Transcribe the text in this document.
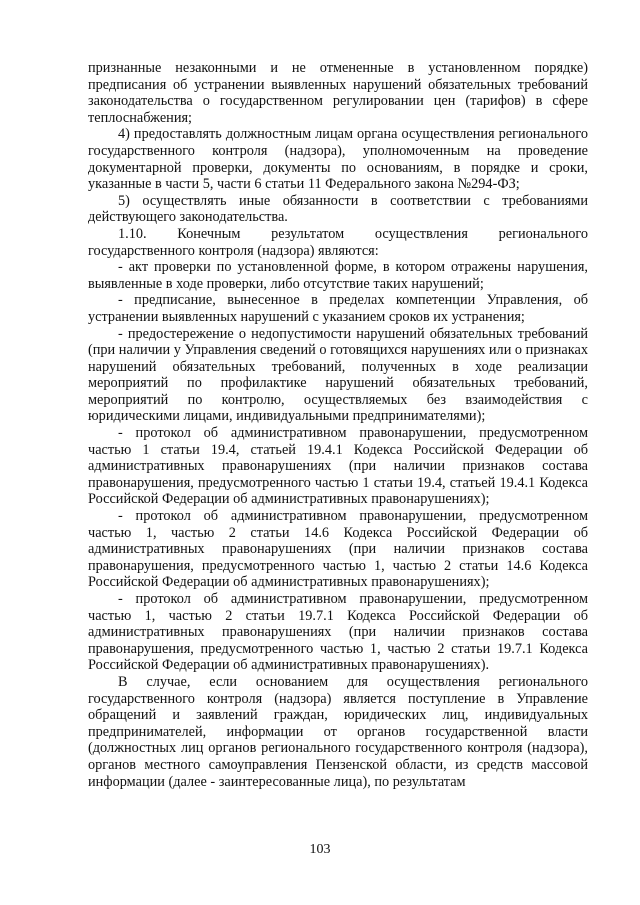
признанные незаконными и не отмененные в установленном порядке) предписания об устранении выявленных нарушений обязательных требований законодательства о государственном регулировании цен (тарифов) в сфере теплоснабжения;

4) предоставлять должностным лицам органа осуществления регионального государственного контроля (надзора), уполномоченным на проведение документарной проверки, документы по основаниям, в порядке и сроки, указанные в части 5, части 6 статьи 11 Федерального закона №294-ФЗ;

5) осуществлять иные обязанности в соответствии с требованиями действующего законодательства.

1.10. Конечным результатом осуществления регионального государственного контроля (надзора) являются:

- акт проверки по установленной форме, в котором отражены нарушения, выявленные в ходе проверки, либо отсутствие таких нарушений;

- предписание, вынесенное в пределах компетенции Управления, об устранении выявленных нарушений с указанием сроков их устранения;

- предостережение о недопустимости нарушений обязательных требований (при наличии у Управления сведений о готовящихся нарушениях или о признаках нарушений обязательных требований, полученных в ходе реализации мероприятий по профилактике нарушений обязательных требований, мероприятий по контролю, осуществляемых без взаимодействия с юридическими лицами, индивидуальными предпринимателями);

- протокол об административном правонарушении, предусмотренном частью 1 статьи 19.4, статьей 19.4.1 Кодекса Российской Федерации об административных правонарушениях (при наличии признаков состава правонарушения, предусмотренного частью 1 статьи 19.4, статьей 19.4.1 Кодекса Российской Федерации об административных правонарушениях);

- протокол об административном правонарушении, предусмотренном частью 1, частью 2 статьи 14.6 Кодекса Российской Федерации об административных правонарушениях (при наличии признаков состава правонарушения, предусмотренного частью 1, частью 2 статьи 14.6 Кодекса Российской Федерации об административных правонарушениях);

- протокол об административном правонарушении, предусмотренном частью 1, частью 2 статьи 19.7.1 Кодекса Российской Федерации об административных правонарушениях (при наличии признаков состава правонарушения, предусмотренного частью 1, частью 2 статьи 19.7.1 Кодекса Российской Федерации об административных правонарушениях).

В случае, если основанием для осуществления регионального государственного контроля (надзора) является поступление в Управление обращений и заявлений граждан, юридических лиц, индивидуальных предпринимателей, информации от органов государственной власти (должностных лиц органов регионального государственного контроля (надзора), органов местного самоуправления Пензенской области, из средств массовой информации (далее - заинтересованные лица), по результатам

103
